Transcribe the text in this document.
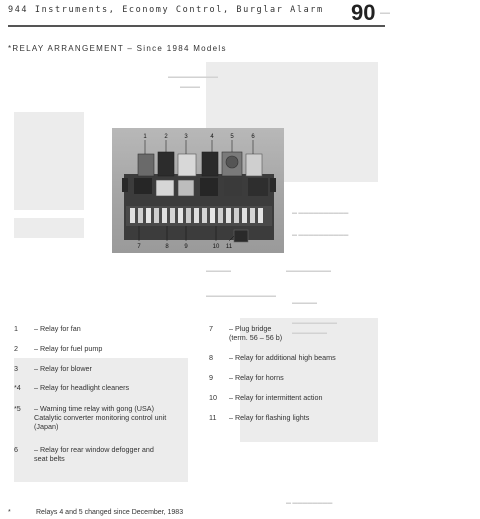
▬▬
▬▬▬▬▬▬▬▬▬▬
▬▬▬▬
▬ ▬▬▬▬▬▬▬▬▬▬
▬ ▬▬▬▬▬▬▬▬▬▬
▬▬▬▬▬	▬▬▬▬▬▬▬▬▬
▬▬▬▬▬▬▬▬▬▬▬▬▬▬
▬▬▬▬▬
▬▬▬▬▬▬▬▬▬
▬▬▬▬▬▬▬
▬ ▬▬▬▬▬▬▬▬
944 Instruments, Economy Control, Burglar Alarm 90
*RELAY ARRANGEMENT – Since 1984 Models
1	2	3	4	5	6
7	8	9	10 11
1 – Relay for fan
2 – Relay for fuel pump
3 – Relay for blower
*4 – Relay for headlight cleaners
*5 – Warning time relay with gong (USA)
Catalytic converter monitoring control unit (Japan)
6 – Relay for rear window defogger and
seat belts
7 – Plug bridge
(term. 56 – 56 b)
8 – Relay for additional high beams
9 – Relay for horns
10 – Relay for intermittent action
11 – Relay for flashing lights
*	Relays 4 and 5 changed since December, 1983
